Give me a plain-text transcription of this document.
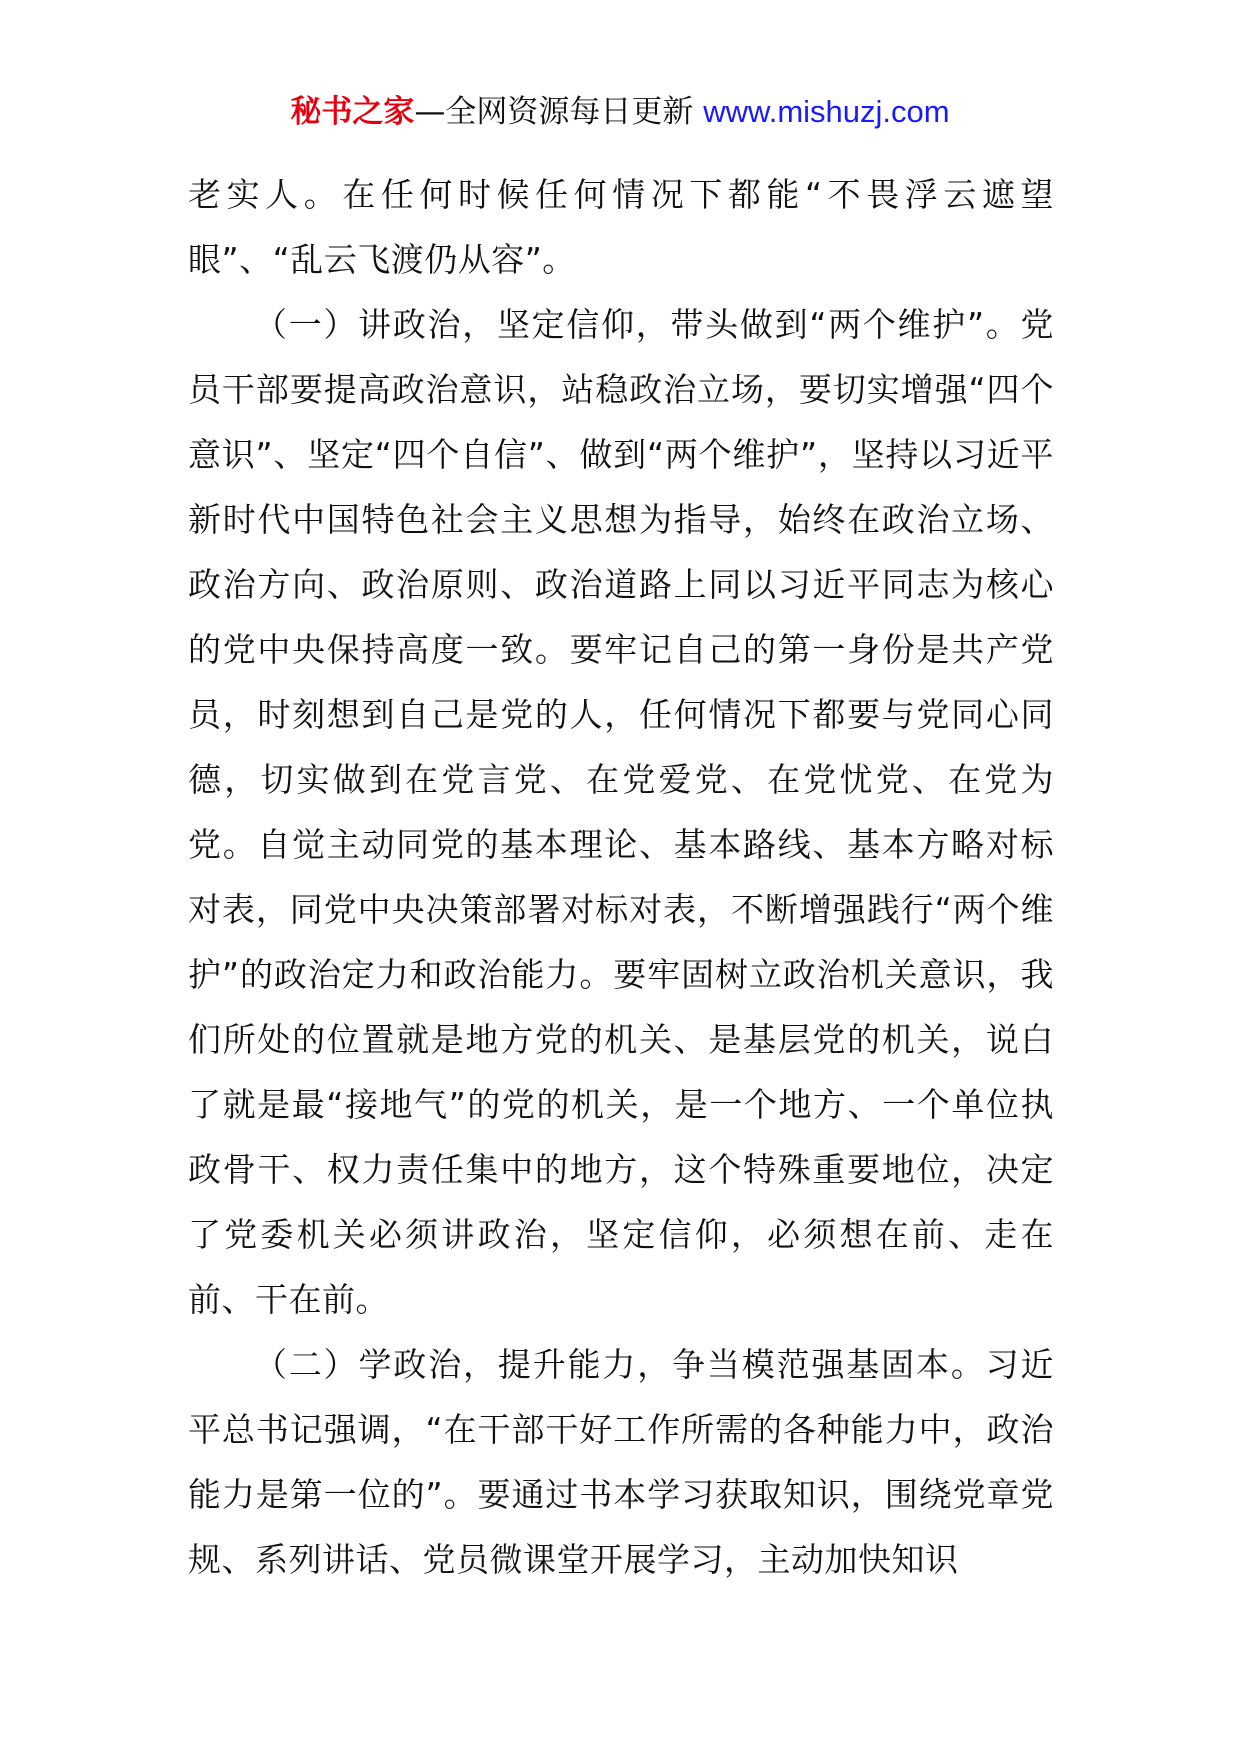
秘书之家—全网资源每日更新 www.mishuzj.com

老实人。在任何时候任何情况下都能“不畏浮云遮望眼”、“乱云飞渡仍从容”。

（一）讲政治，坚定信仰，带头做到“两个维护”。党员干部要提高政治意识，站稳政治立场，要切实增强“四个意识”、坚定“四个自信”、做到“两个维护”，坚持以习近平新时代中国特色社会主义思想为指导，始终在政治立场、政治方向、政治原则、政治道路上同以习近平同志为核心的党中央保持高度一致。要牢记自己的第一身份是共产党员，时刻想到自己是党的人，任何情况下都要与党同心同德，切实做到在党言党、在党爱党、在党忧党、在党为党。自觉主动同党的基本理论、基本路线、基本方略对标对表，同党中央决策部署对标对表，不断增强践行“两个维护”的政治定力和政治能力。要牢固树立政治机关意识，我们所处的位置就是地方党的机关、是基层党的机关，说白了就是最“接地气”的党的机关，是一个地方、一个单位执政骨干、权力责任集中的地方，这个特殊重要地位，决定了党委机关必须讲政治，坚定信仰，必须想在前、走在前、干在前。

（二）学政治，提升能力，争当模范强基固本。习近平总书记强调，“在干部干好工作所需的各种能力中，政治能力是第一位的”。要通过书本学习获取知识，围绕党章党规、系列讲话、党员微课堂开展学习，主动加快知识
